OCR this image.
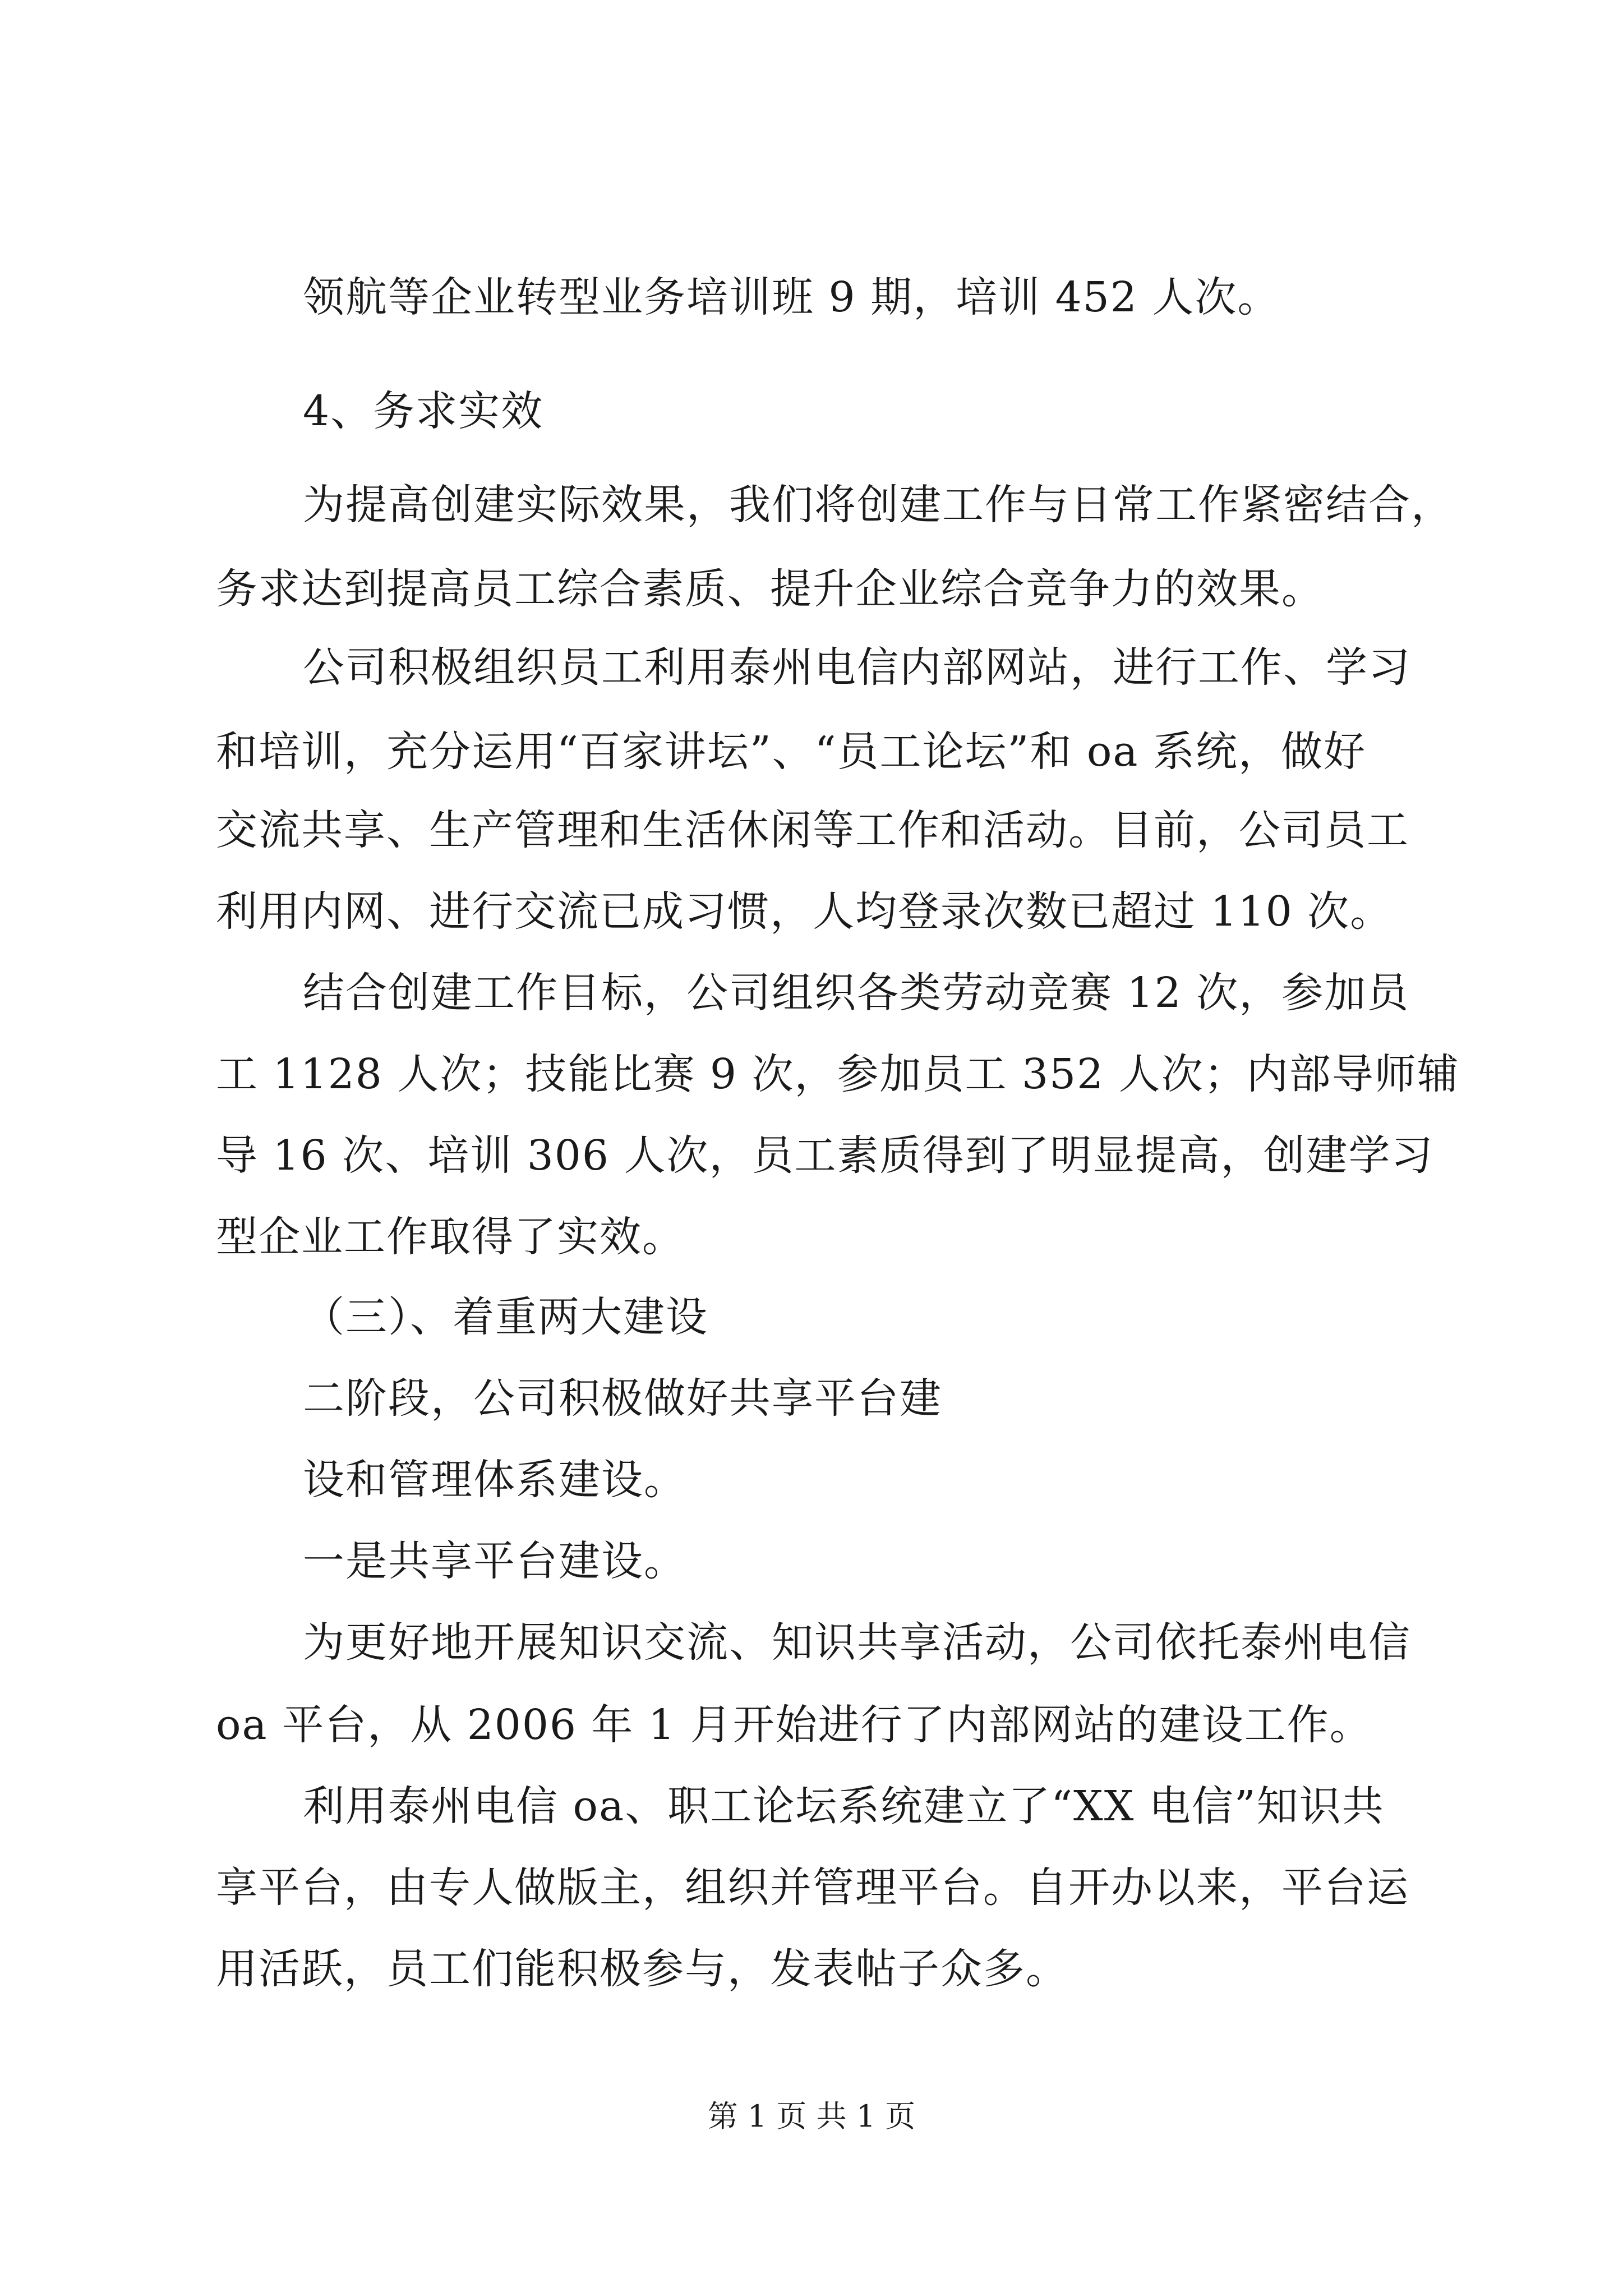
领航等企业转型业务培训班 9 期，培训 452 人次。
4、务求实效
为提高创建实际效果，我们将创建工作与日常工作紧密结合，
务求达到提高员工综合素质、提升企业综合竞争力的效果。
公司积极组织员工利用泰州电信内部网站，进行工作、学习
和培训，充分运用“百家讲坛”、“员工论坛”和 oa 系统，做好
交流共享、生产管理和生活休闲等工作和活动。目前，公司员工
利用内网、进行交流已成习惯，人均登录次数已超过 110 次。
结合创建工作目标，公司组织各类劳动竞赛 12 次，参加员
工 1128 人次；技能比赛 9 次，参加员工 352 人次；内部导师辅
导 16 次、培训 306 人次，员工素质得到了明显提高，创建学习
型企业工作取得了实效。
（三）、着重两大建设
二阶段，公司积极做好共享平台建
设和管理体系建设。
一是共享平台建设。
为更好地开展知识交流、知识共享活动，公司依托泰州电信
oa 平台，从 2006 年 1 月开始进行了内部网站的建设工作。
利用泰州电信 oa、职工论坛系统建立了“XX 电信”知识共
享平台，由专人做版主，组织并管理平台。自开办以来，平台运
用活跃，员工们能积极参与，发表帖子众多。
第 1 页 共 1 页
